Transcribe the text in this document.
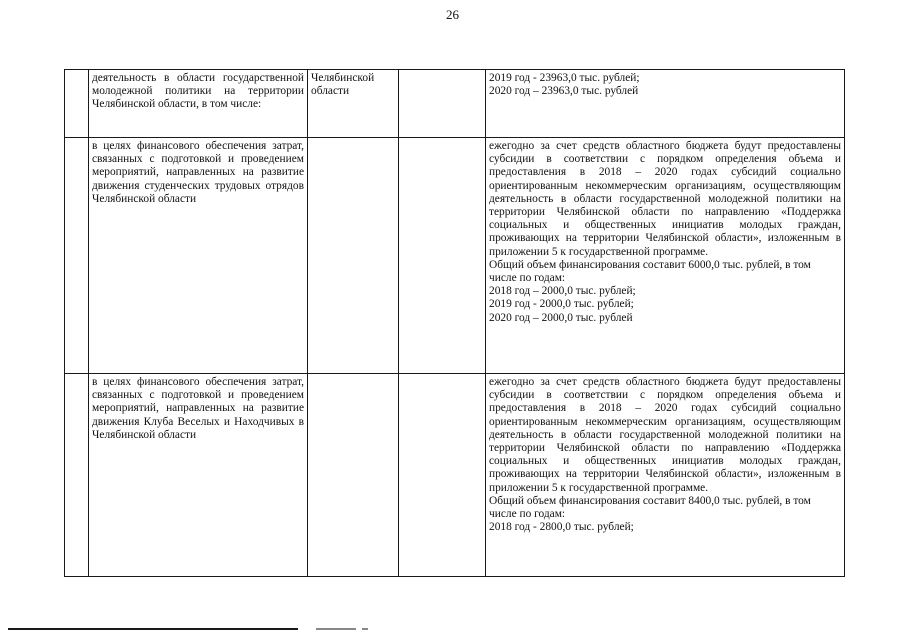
26
	деятельность в области государственной молодежной политики на территории Челябинской области, в том числе:	Челябинской области		2019 год - 23963,0 тыс. рублей;
2020 год – 23963,0 тыс. рублей

	в целях финансового обеспечения затрат, связанных с подготовкой и проведением мероприятий, направленных на развитие движения студенческих трудовых отрядов Челябинской области			ежегодно за счет средств областного бюджета будут предоставлены субсидии в соответствии с порядком определения объема и предоставления в 2018 – 2020 годах субсидий социально ориентированным некоммерческим организациям, осуществляющим деятельность в области государственной молодежной политики на территории Челябинской области по направлению «Поддержка социальных и общественных инициатив молодых граждан, проживающих на территории Челябинской области», изложенным в приложении 5 к государственной программе.
Общий объем финансирования составит 6000,0 тыс. рублей, в том числе по годам:
2018 год – 2000,0 тыс. рублей;
2019 год - 2000,0 тыс. рублей;
2020 год – 2000,0 тыс. рублей

	в целях финансового обеспечения затрат, связанных с подготовкой и проведением мероприятий, направленных на развитие движения Клуба Веселых и Находчивых в Челябинской области			ежегодно за счет средств областного бюджета будут предоставлены субсидии в соответствии с порядком определения объема и предоставления в 2018 – 2020 годах субсидий социально ориентированным некоммерческим организациям, осуществляющим деятельность в области государственной молодежной политики на территории Челябинской области по направлению «Поддержка социальных и общественных инициатив молодых граждан, проживающих на территории Челябинской области», изложенным в приложении 5 к государственной программе.
Общий объем финансирования составит 8400,0 тыс. рублей, в том числе по годам:
2018 год - 2800,0 тыс. рублей;
